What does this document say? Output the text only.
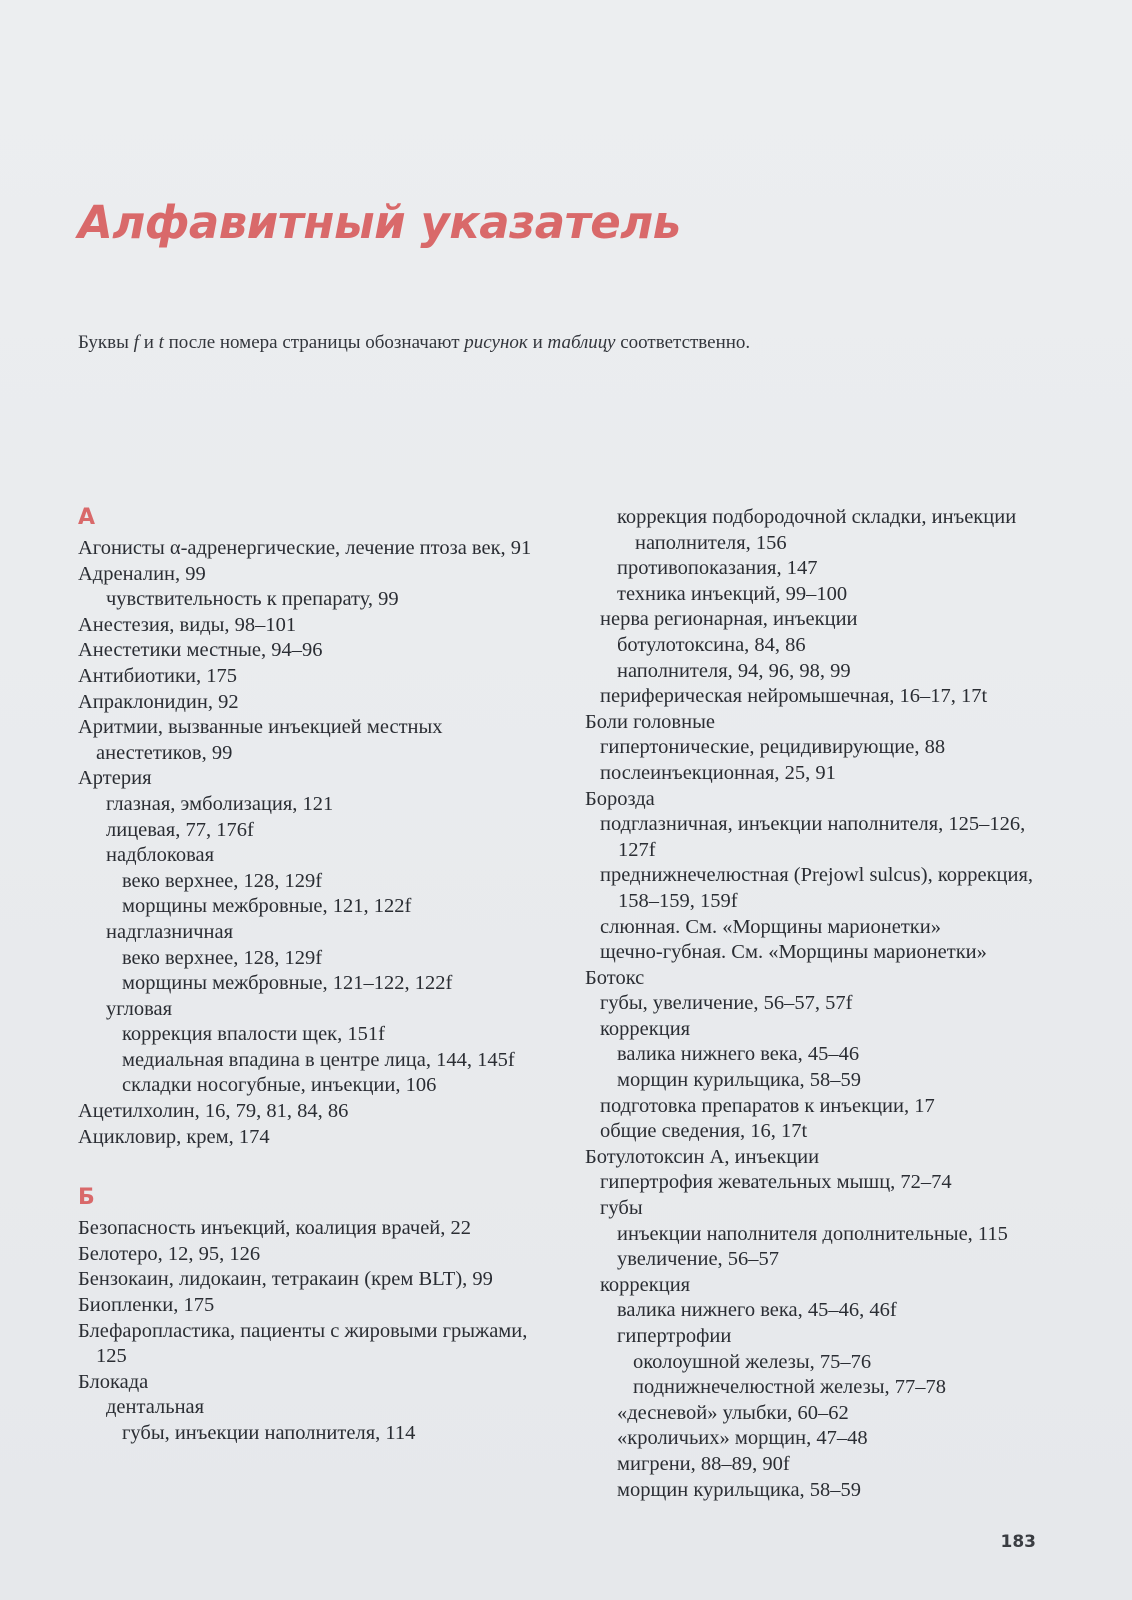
Алфавитный указатель
Буквы f и t после номера страницы обозначают рисунок и таблицу соответственно.
А
Агонисты α-адренергические, лечение птоза век, 91
Адреналин, 99
чувствительность к препарату, 99
Анестезия, виды, 98–101
Анестетики местные, 94–96
Антибиотики, 175
Апраклонидин, 92
Аритмии, вызванные инъекцией местных анестетиков, 99
Артерия
глазная, эмболизация, 121
лицевая, 77, 176f
надблоковая
веко верхнее, 128, 129f
морщины межбровные, 121, 122f
надглазничная
веко верхнее, 128, 129f
морщины межбровные, 121–122, 122f
угловая
коррекция впалости щек, 151f
медиальная впадина в центре лица, 144, 145f
складки носогубные, инъекции, 106
Ацетилхолин, 16, 79, 81, 84, 86
Ацикловир, крем, 174
Б
Безопасность инъекций, коалиция врачей, 22
Белотеро, 12, 95, 126
Бензокаин, лидокаин, тетракаин (крем BLT), 99
Биопленки, 175
Блефаропластика, пациенты с жировыми грыжами, 125
Блокада
дентальная
губы, инъекции наполнителя, 114
коррекция подбородочной складки, инъекции наполнителя, 156
противопоказания, 147
техника инъекций, 99–100
нерва регионарная, инъекции
ботулотоксина, 84, 86
наполнителя, 94, 96, 98, 99
периферическая нейромышечная, 16–17, 17t
Боли головные
гипертонические, рецидивирующие, 88
послеинъекционная, 25, 91
Борозда
подглазничная, инъекции наполнителя, 125–126, 127f
преднижнечелюстная (Prejowl sulcus), коррекция, 158–159, 159f
слюнная. См. «Морщины марионетки»
щечно-губная. См. «Морщины марионетки»
Ботокс
губы, увеличение, 56–57, 57f
коррекция
валика нижнего века, 45–46
морщин курильщика, 58–59
подготовка препаратов к инъекции, 17
общие сведения, 16, 17t
Ботулотоксин А, инъекции
гипертрофия жевательных мышц, 72–74
губы
инъекции наполнителя дополнительные, 115
увеличение, 56–57
коррекция
валика нижнего века, 45–46, 46f
гипертрофии
околоушной железы, 75–76
поднижнечелюстной железы, 77–78
«десневой» улыбки, 60–62
«кроличьих» морщин, 47–48
мигрени, 88–89, 90f
морщин курильщика, 58–59
183
